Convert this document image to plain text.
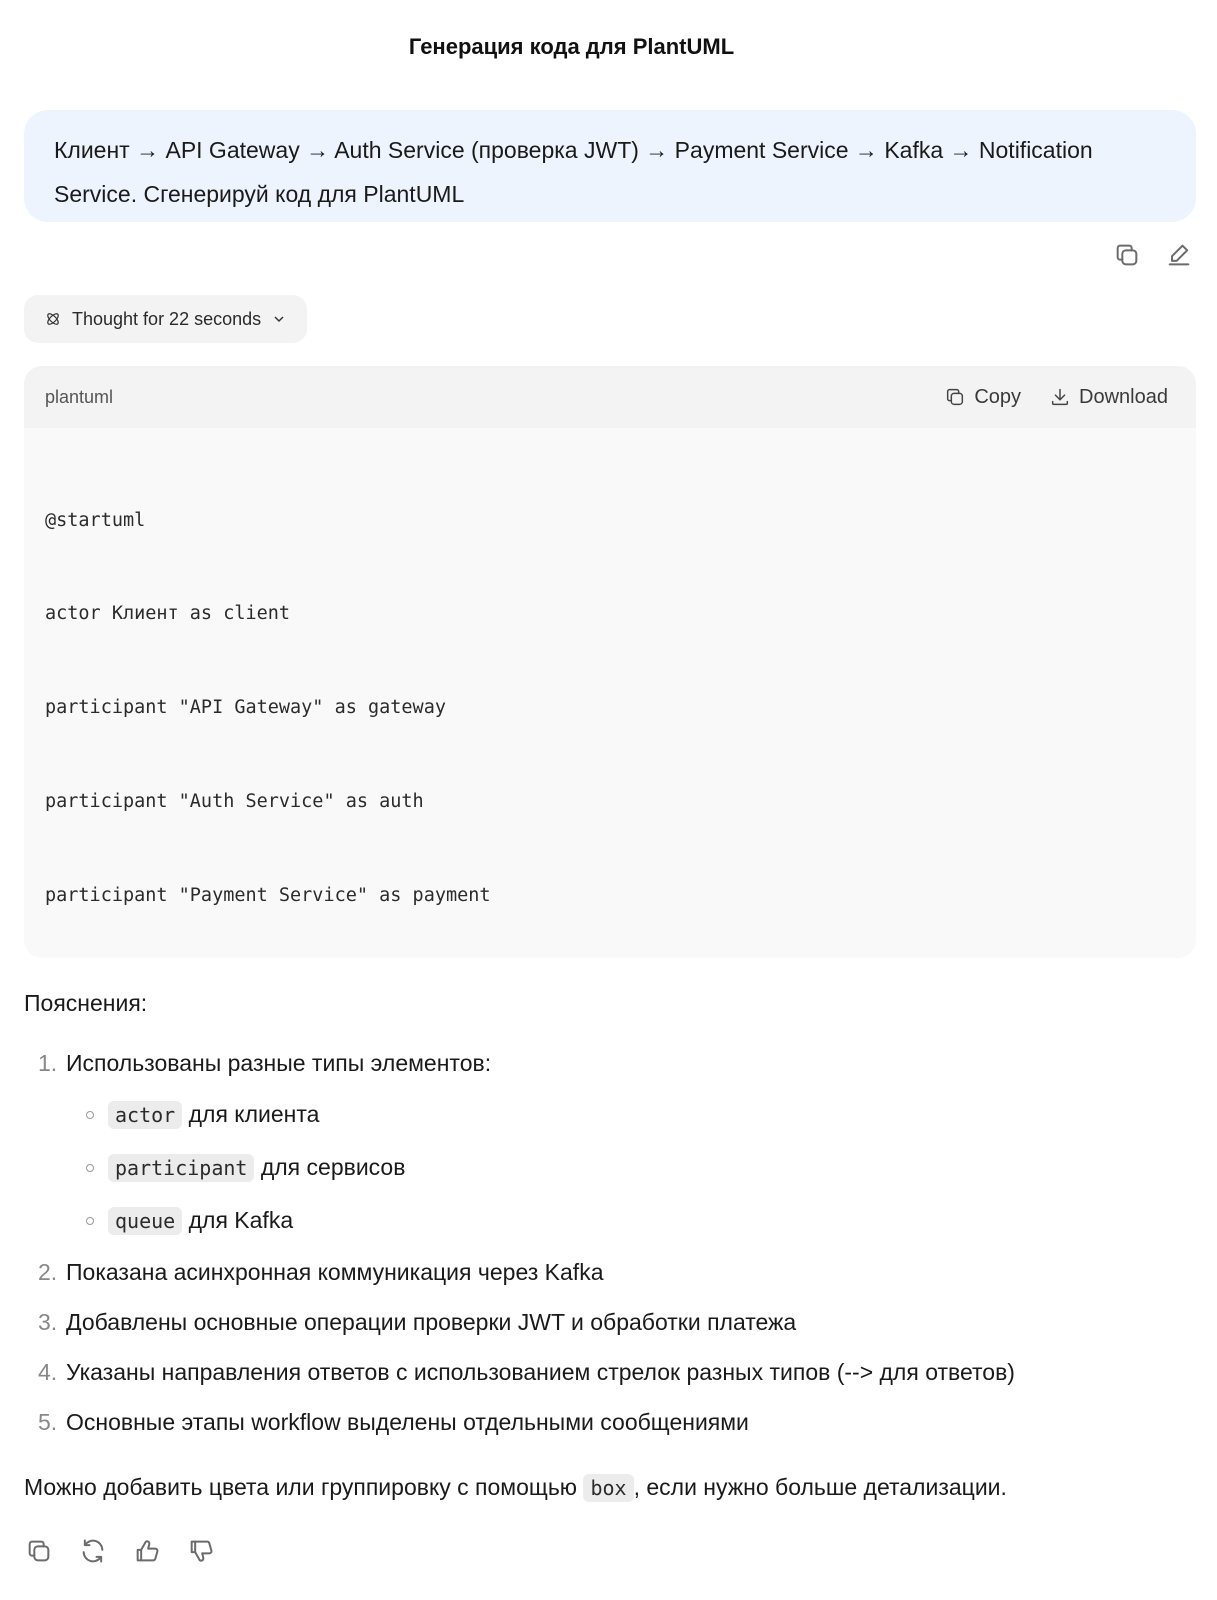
Генерация кода для PlantUML
Клиент → API Gateway → Auth Service (проверка JWT) → Payment Service → Kafka → Notification Service. Сгенерируй код для PlantUML
Thought for 22 seconds
plantuml	Copy	Download

@startuml

actor Клиент as client

participant "API Gateway" as gateway

participant "Auth Service" as auth

participant "Payment Service" as payment

Пояснения:
1. Использованы разные типы элементов:
actor для клиента
participant для сервисов
queue для Kafka
2. Показана асинхронная коммуникация через Kafka
3. Добавлены основные операции проверки JWT и обработки платежа
4. Указаны направления ответов с использованием стрелок разных типов (--> для ответов)
5. Основные этапы workflow выделены отдельными сообщениями
Можно добавить цвета или группировку с помощью box , если нужно больше детализации.
